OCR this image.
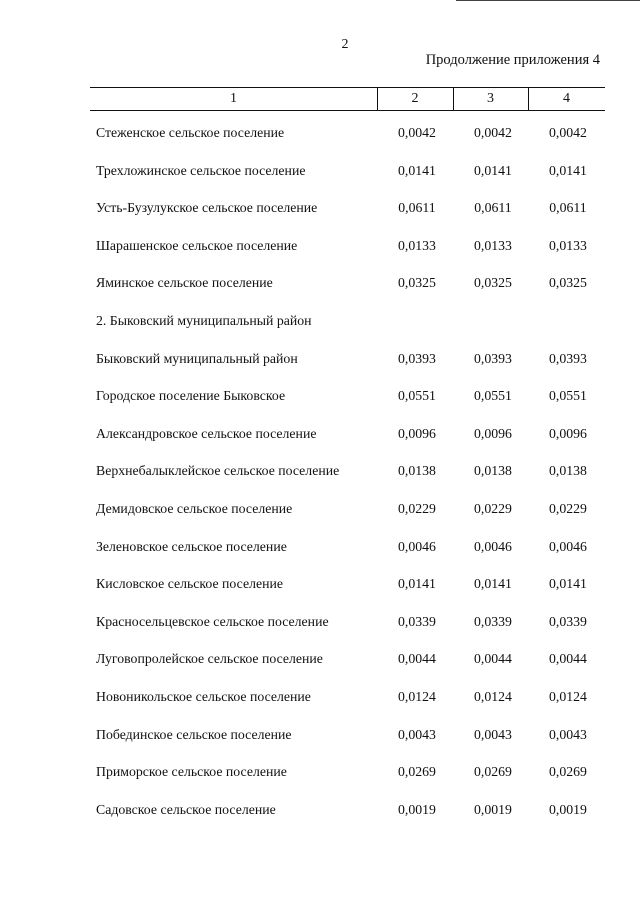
2
Продолжение приложения 4
1	2	3	4
Стеженское сельское поселение	0,0042	0,0042	0,0042
Трехложинское сельское поселение	0,0141	0,0141	0,0141
Усть-Бузулукское сельское поселение	0,0611	0,0611	0,0611
Шарашенское сельское поселение	0,0133	0,0133	0,0133
Яминское сельское поселение	0,0325	0,0325	0,0325
2. Быковский муниципальный район
Быковский муниципальный район	0,0393	0,0393	0,0393
Городское поселение Быковское	0,0551	0,0551	0,0551
Александровское сельское поселение	0,0096	0,0096	0,0096
Верхнебалыклейское сельское поселение	0,0138	0,0138	0,0138
Демидовское сельское поселение	0,0229	0,0229	0,0229
Зеленовское сельское поселение	0,0046	0,0046	0,0046
Кисловское сельское поселение	0,0141	0,0141	0,0141
Красносельцевское сельское поселение	0,0339	0,0339	0,0339
Луговопролейское сельское поселение	0,0044	0,0044	0,0044
Новоникольское сельское поселение	0,0124	0,0124	0,0124
Побединское сельское поселение	0,0043	0,0043	0,0043
Приморское сельское поселение	0,0269	0,0269	0,0269
Садовское сельское поселение	0,0019	0,0019	0,0019
